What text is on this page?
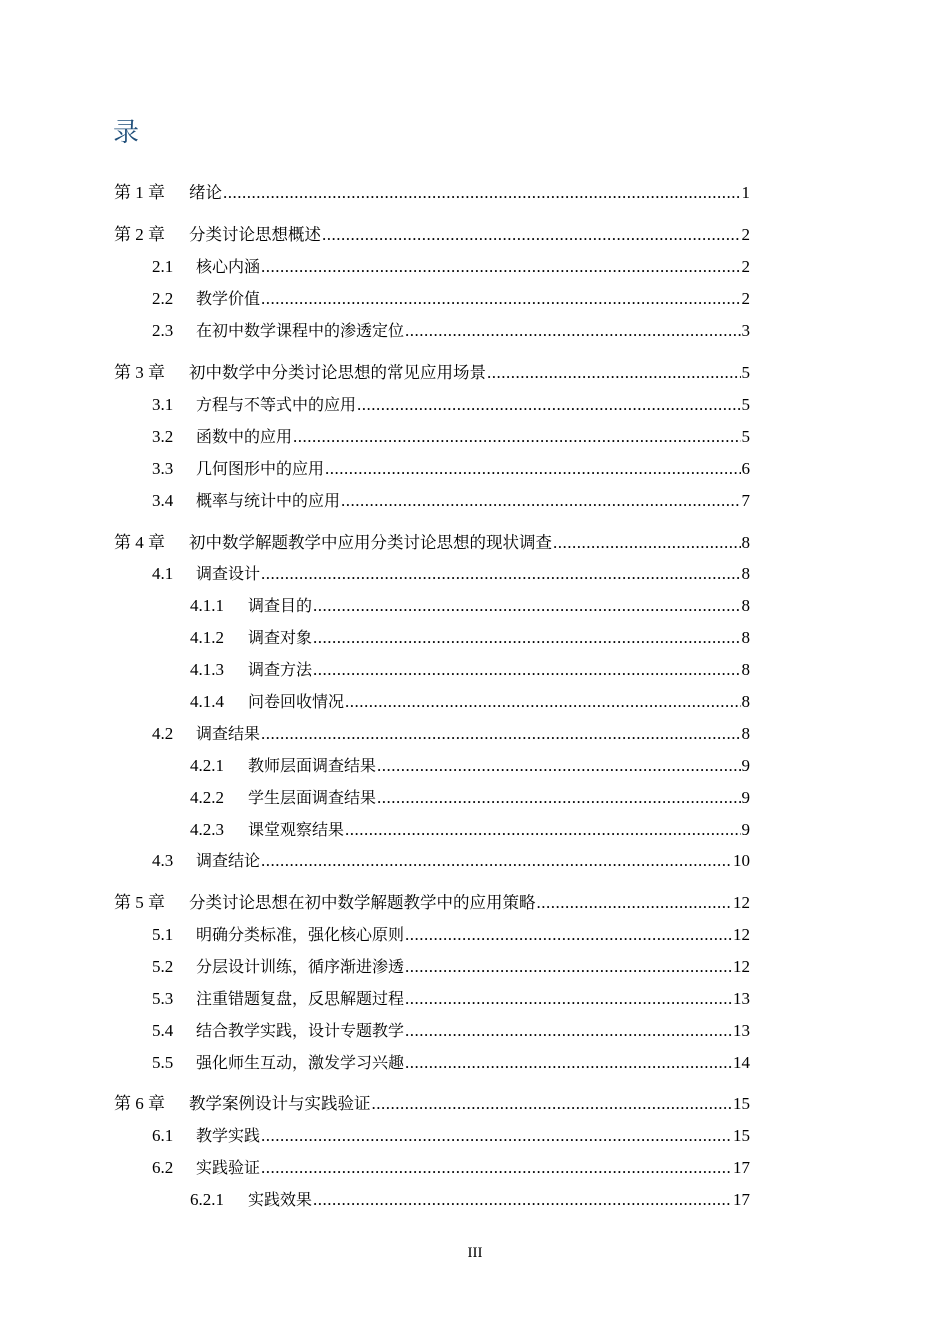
录
第 1 章	绪论 .....	1
第 2 章	分类讨论思想概述 .....	2
2.1	核心内涵 .....	2
2.2	教学价值 .....	2
2.3	在初中数学课程中的渗透定位 .....	3
第 3 章	初中数学中分类讨论思想的常见应用场景 .....	5
3.1	方程与不等式中的应用 .....	5
3.2	函数中的应用 .....	5
3.3	几何图形中的应用 .....	6
3.4	概率与统计中的应用 .....	7
第 4 章	初中数学解题教学中应用分类讨论思想的现状调查 .....	8
4.1	调查设计 .....	8
4.1.1	调查目的 .....	8
4.1.2	调查对象 .....	8
4.1.3	调查方法 .....	8
4.1.4	问卷回收情况 .....	8
4.2	调查结果 .....	8
4.2.1	教师层面调查结果 .....	9
4.2.2	学生层面调查结果 .....	9
4.2.3	课堂观察结果 .....	9
4.3	调查结论 .....	10
第 5 章	分类讨论思想在初中数学解题教学中的应用策略 .....	12
5.1	明确分类标准，强化核心原则 .....	12
5.2	分层设计训练，循序渐进渗透 .....	12
5.3	注重错题复盘，反思解题过程 .....	13
5.4	结合教学实践，设计专题教学 .....	13
5.5	强化师生互动，激发学习兴趣 .....	14
第 6 章	教学案例设计与实践验证 .....	15
6.1	教学实践 .....	15
6.2	实践验证 .....	17
6.2.1	实践效果 .....	17
III
